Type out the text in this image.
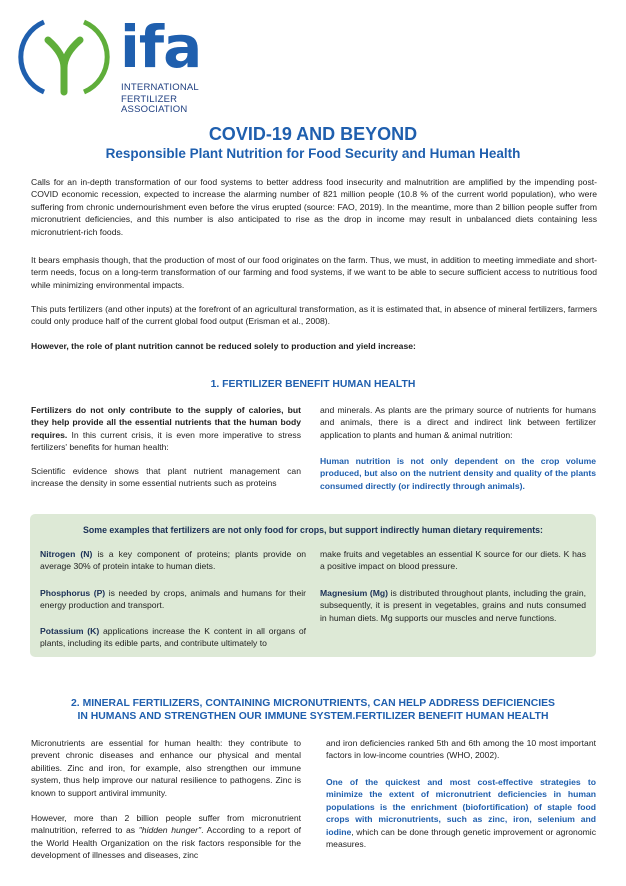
ifa
INTERNATIONAL
FERTILIZER ASSOCIATION
COVID-19 AND BEYOND
Responsible Plant Nutrition for Food Security and Human Health

Calls for an in-depth transformation of our food systems to better address food insecurity and malnutrition are amplified by the impending post-COVID economic recession, expected to increase the alarming number of 821 million people (10.8 % of the current world population), who were suffering from chronic undernourishment even before the virus erupted (source: FAO, 2019). In the meantime, more than 2 billion people suffer from micronutrient deficiencies, and this number is also anticipated to rise as the drop in income may result in unbalanced diets containing less micronutrient-rich foods.

It bears emphasis though, that the production of most of our food originates on the farm. Thus, we must, in addition to meeting immediate and short-term needs, focus on a long-term transformation of our farming and food systems, if we want to be able to secure sufficient access to nutritious food while minimizing environmental impacts.

This puts fertilizers (and other inputs) at the forefront of an agricultural transformation, as it is estimated that, in absence of mineral fertilizers, farmers could only produce half of the current global food output (Erisman et al., 2008).

However, the role of plant nutrition cannot be reduced solely to production and yield increase:

1. FERTILIZER BENEFIT HUMAN HEALTH

Fertilizers do not only contribute to the supply of calories, but they help provide all the essential nutrients that the human body requires. In this current crisis, it is even more imperative to stress fertilizers' benefits for human health:

Scientific evidence shows that plant nutrient management can increase the density in some essential nutrients such as proteins
and minerals. As plants are the primary source of nutrients for humans and animals, there is a direct and indirect link between fertilizer application to plants and human & animal nutrition:
Human nutrition is not only dependent on the crop volume produced, but also on the nutrient density and quality of the plants consumed directly (or indirectly through animals).
Some examples that fertilizers are not only food for crops, but support indirectly human dietary requirements:
Nitrogen (N) is a key component of proteins; plants provide on average 30% of protein intake to human diets.
Phosphorus (P) is needed by crops, animals and humans for their energy production and transport.
Potassium (K) applications increase the K content in all organs of plants, including its edible parts, and contribute ultimately to
make fruits and vegetables an essential K source for our diets. K has a positive impact on blood pressure.
Magnesium (Mg) is distributed throughout plants, including the grain, subsequently, it is present in vegetables, grains and nuts consumed in human diets. Mg supports our muscles and nerve functions.
2. MINERAL FERTILIZERS, CONTAINING MICRONUTRIENTS, CAN HELP ADDRESS DEFICIENCIES
IN HUMANS AND STRENGTHEN OUR IMMUNE SYSTEM.FERTILIZER BENEFIT HUMAN HEALTH
Micronutrients are essential for human health: they contribute to prevent chronic diseases and enhance our physical and mental abilities. Zinc and iron, for example, also strengthen our immune system, thus help improve our natural resilience to pathogens. Zinc is known to support antiviral immunity.
However, more than 2 billion people suffer from micronutrient malnutrition, referred to as "hidden hunger". According to a report of the World Health Organization on the risk factors responsible for the development of illnesses and diseases, zinc
and iron deficiencies ranked 5th and 6th among the 10 most important factors in low-income countries (WHO, 2002).
One of the quickest and most cost-effective strategies to minimize the extent of micronutrient deficiencies in human populations is the enrichment (biofortification) of staple food crops with micronutrients, such as zinc, iron, selenium and iodine, which can be done through genetic improvement or agronomic measures.
